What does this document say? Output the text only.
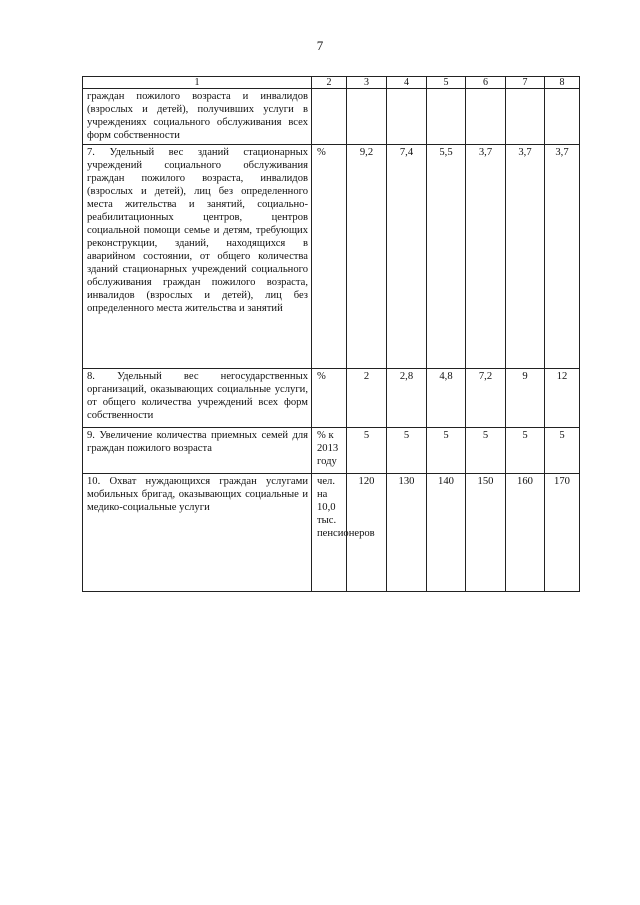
7
1	2	3	4	5	6	7	8
граждан пожилого возраста и инвалидов (взрослых и детей), получивших услуги в учреждениях социального обслуживания всех форм собственности							
7. Удельный вес зданий стационарных учреждений социального обслуживания граждан пожилого возраста, инвалидов (взрослых и детей), лиц без определенного места жительства и занятий, социально-реабилитационных центров, центров социальной помощи семье и детям, требующих реконструкции, зданий, находящихся в аварийном состоянии, от общего количества зданий стационарных учреждений социального обслуживания граждан пожилого возраста, инвалидов (взрослых и детей), лиц без определенного места жительства и занятий	%	9,2	7,4	5,5	3,7	3,7	3,7
8. Удельный вес негосударственных организаций, оказывающих социальные услуги, от общего количества учреждений всех форм собственности	%	2	2,8	4,8	7,2	9	12
9. Увеличение количества приемных семей для граждан пожилого возраста	% к 2013 году	5	5	5	5	5	5
10. Охват нуждающихся граждан услугами мобильных бригад, оказывающих социальные и медико-социальные услуги	чел. на 10,0 тыс. пенсионеров	120	130	140	150	160	170
